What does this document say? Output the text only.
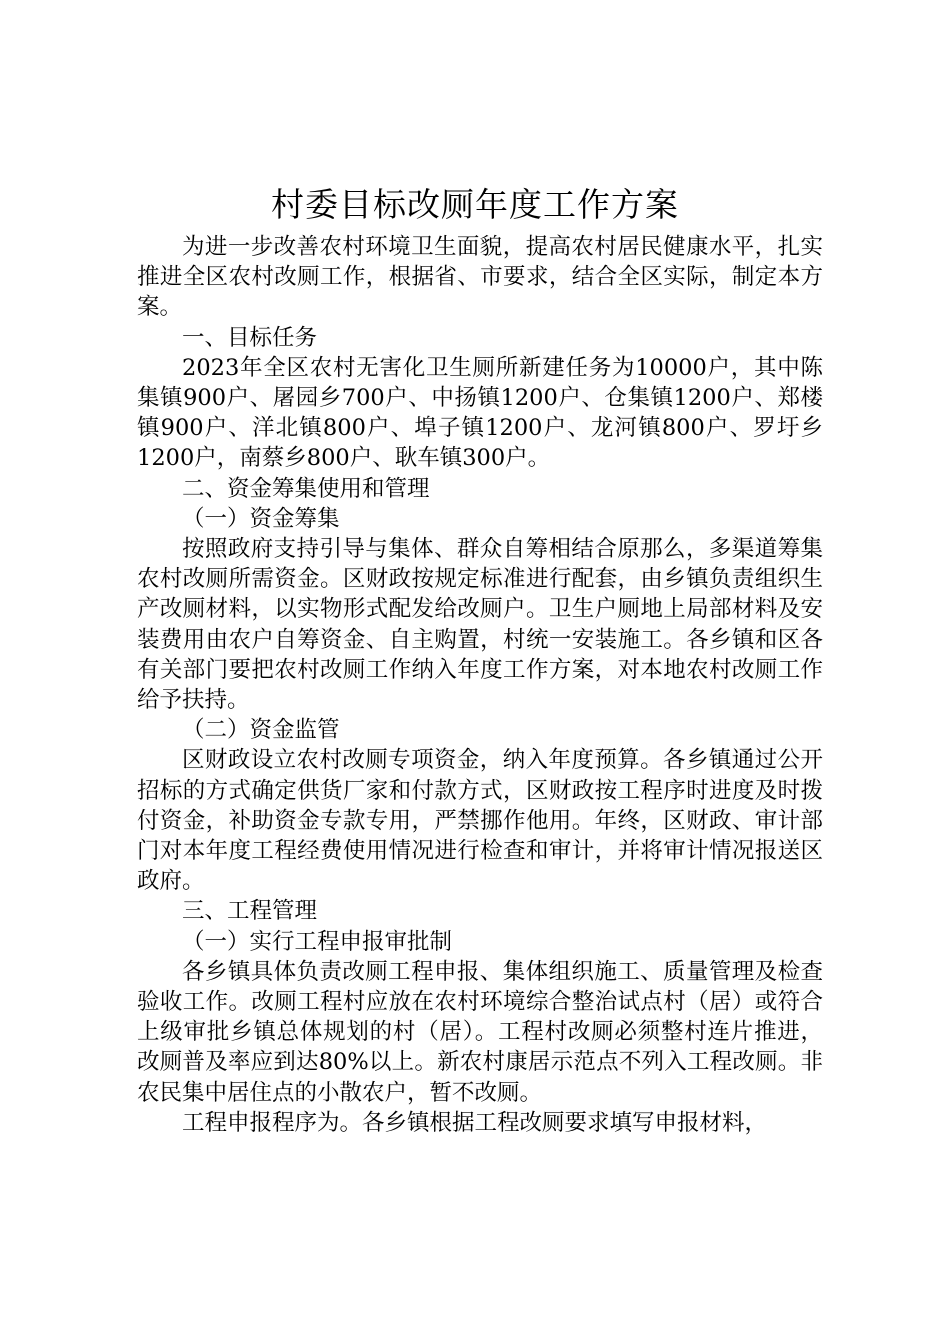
村委目标改厕年度工作方案

为进一步改善农村环境卫生面貌，提高农村居民健康水平，扎实推进全区农村改厕工作，根据省、市要求，结合全区实际，制定本方案。

一、目标任务

2023年全区农村无害化卫生厕所新建任务为10000户，其中陈集镇900户、屠园乡700户、中扬镇1200户、仓集镇1200户、郑楼镇900户、洋北镇800户、埠子镇1200户、龙河镇800户、罗圩乡1200户，南蔡乡800户、耿车镇300户。

二、资金筹集使用和管理

（一）资金筹集

按照政府支持引导与集体、群众自筹相结合原那么，多渠道筹集农村改厕所需资金。区财政按规定标准进行配套，由乡镇负责组织生产改厕材料，以实物形式配发给改厕户。卫生户厕地上局部材料及安装费用由农户自筹资金、自主购置，村统一安装施工。各乡镇和区各有关部门要把农村改厕工作纳入年度工作方案，对本地农村改厕工作给予扶持。

（二）资金监管

区财政设立农村改厕专项资金，纳入年度预算。各乡镇通过公开招标的方式确定供货厂家和付款方式，区财政按工程序时进度及时拨付资金，补助资金专款专用，严禁挪作他用。年终，区财政、审计部门对本年度工程经费使用情况进行检查和审计，并将审计情况报送区政府。

三、工程管理

（一）实行工程申报审批制

各乡镇具体负责改厕工程申报、集体组织施工、质量管理及检查验收工作。改厕工程村应放在农村环境综合整治试点村（居）或符合上级审批乡镇总体规划的村（居）。工程村改厕必须整村连片推进，改厕普及率应到达80%以上。新农村康居示范点不列入工程改厕。非农民集中居住点的小散农户，暂不改厕。

工程申报程序为。各乡镇根据工程改厕要求填写申报材料，
